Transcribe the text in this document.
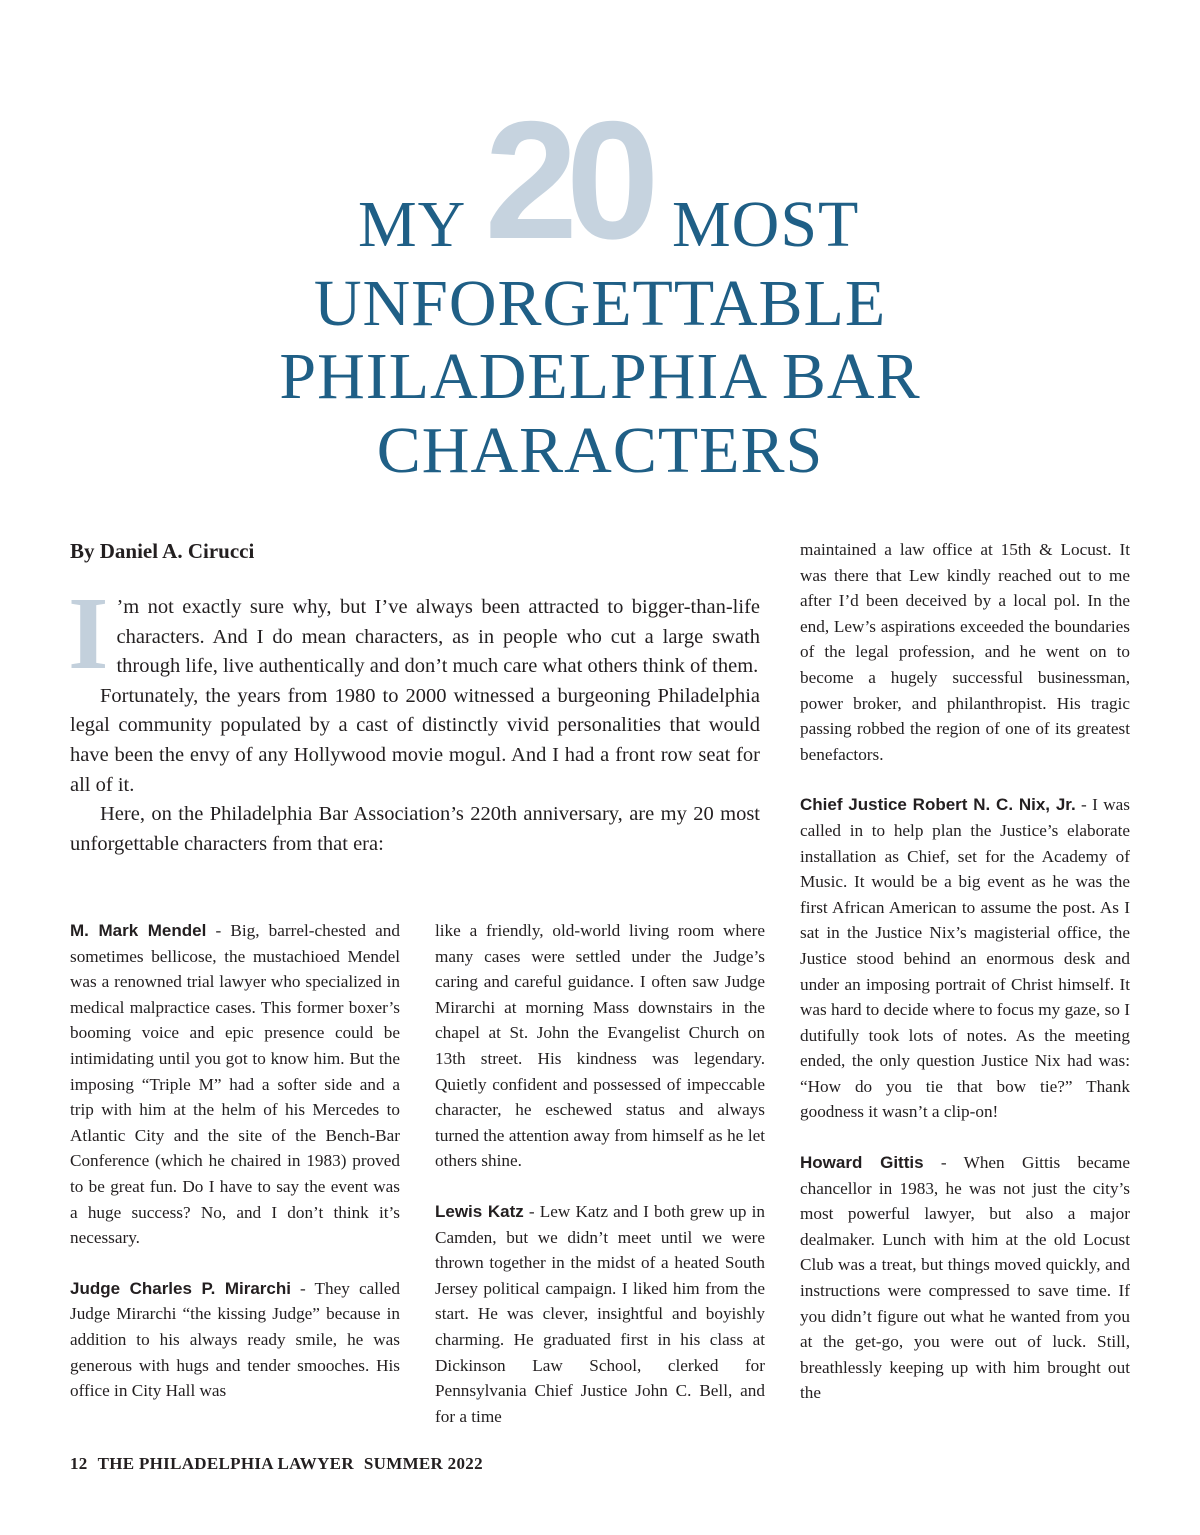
MY 20 MOST
UNFORGETTABLE
PHILADELPHIA BAR
CHARACTERS
By Daniel A. Cirucci

I ’m not exactly sure why, but I’ve always been attracted to bigger-than-life characters. And I do mean characters, as in people who cut a large swath through life, live authentically and don’t much care what others think of them.

Fortunately, the years from 1980 to 2000 witnessed a burgeoning Philadelphia legal community populated by a cast of distinctly vivid personalities that would have been the envy of any Hollywood movie mogul. And I had a front row seat for all of it.

Here, on the Philadelphia Bar Association’s 220th anniversary, are my 20 most unforgettable characters from that era:

M. Mark Mendel - Big, barrel-chested and sometimes bellicose, the mustachioed Mendel was a renowned trial lawyer who specialized in medical malpractice cases. This former boxer’s booming voice and epic presence could be intimidating until you got to know him. But the imposing “Triple M” had a softer side and a trip with him at the helm of his Mercedes to Atlantic City and the site of the Bench-Bar Conference (which he chaired in 1983) proved to be great fun. Do I have to say the event was a huge success? No, and I don’t think it’s necessary.

Judge Charles P. Mirarchi - They called Judge Mirarchi “the kissing Judge” because in addition to his always ready smile, he was generous with hugs and tender smooches. His office in City Hall was

like a friendly, old-world living room where many cases were settled under the Judge’s caring and careful guidance. I often saw Judge Mirarchi at morning Mass downstairs in the chapel at St. John the Evangelist Church on 13th street. His kindness was legendary. Quietly confident and possessed of impeccable character, he eschewed status and always turned the attention away from himself as he let others shine.

Lewis Katz - Lew Katz and I both grew up in Camden, but we didn’t meet until we were thrown together in the midst of a heated South Jersey political campaign. I liked him from the start. He was clever, insightful and boyishly charming. He graduated first in his class at Dickinson Law School, clerked for Pennsylvania Chief Justice John C. Bell, and for a time

maintained a law office at 15th & Locust. It was there that Lew kindly reached out to me after I’d been deceived by a local pol. In the end, Lew’s aspirations exceeded the boundaries of the legal profession, and he went on to become a hugely successful businessman, power broker, and philanthropist. His tragic passing robbed the region of one of its greatest benefactors.

Chief Justice Robert N. C. Nix, Jr. - I was called in to help plan the Justice’s elaborate installation as Chief, set for the Academy of Music. It would be a big event as he was the first African American to assume the post. As I sat in the Justice Nix’s magisterial office, the Justice stood behind an enormous desk and under an imposing portrait of Christ himself. It was hard to decide where to focus my gaze, so I dutifully took lots of notes. As the meeting ended, the only question Justice Nix had was: “How do you tie that bow tie?” Thank goodness it wasn’t a clip-on!

Howard Gittis - When Gittis became chancellor in 1983, he was not just the city’s most powerful lawyer, but also a major dealmaker. Lunch with him at the old Locust Club was a treat, but things moved quickly, and instructions were compressed to save time. If you didn’t figure out what he wanted from you at the get-go, you were out of luck. Still, breathlessly keeping up with him brought out the

12 THE PHILADELPHIA LAWYER SUMMER 2022
